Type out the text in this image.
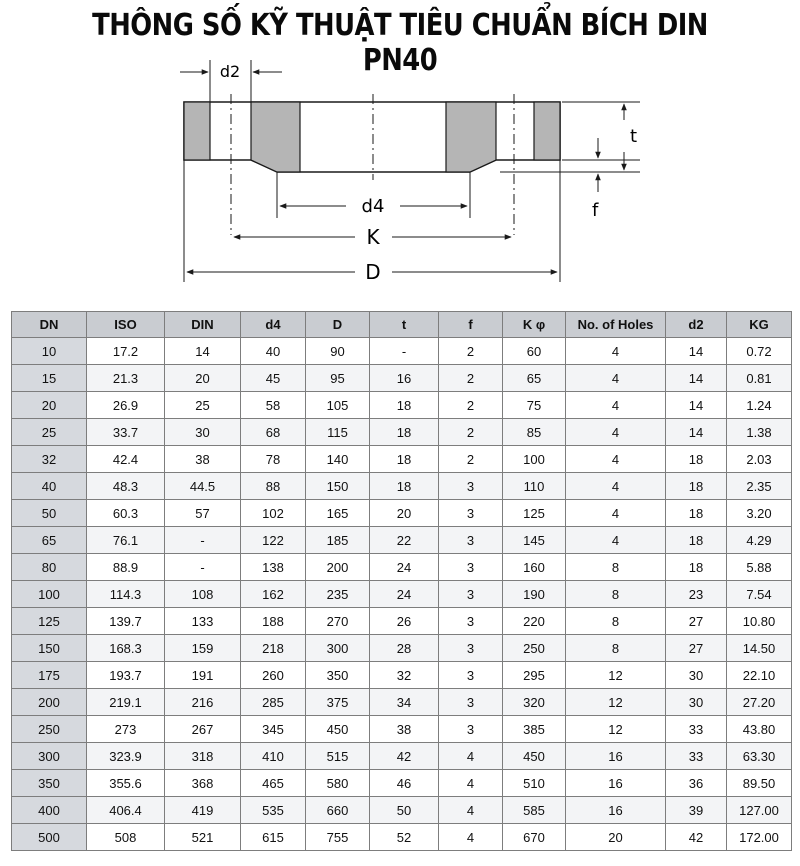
THÔNG SỐ KỸ THUẬT TIÊU CHUẨN BÍCH DIN PN40
d2
d4
K
D
t
f
DN	ISO	DIN	d4	D	t	f	K φ	No. of Holes	d2	KG
10	17.2	14	40	90	-	2	60	4	14	0.72
15	21.3	20	45	95	16	2	65	4	14	0.81
20	26.9	25	58	105	18	2	75	4	14	1.24
25	33.7	30	68	115	18	2	85	4	14	1.38
32	42.4	38	78	140	18	2	100	4	18	2.03
40	48.3	44.5	88	150	18	3	110	4	18	2.35
50	60.3	57	102	165	20	3	125	4	18	3.20
65	76.1	-	122	185	22	3	145	4	18	4.29
80	88.9	-	138	200	24	3	160	8	18	5.88
100	114.3	108	162	235	24	3	190	8	23	7.54
125	139.7	133	188	270	26	3	220	8	27	10.80
150	168.3	159	218	300	28	3	250	8	27	14.50
175	193.7	191	260	350	32	3	295	12	30	22.10
200	219.1	216	285	375	34	3	320	12	30	27.20
250	273	267	345	450	38	3	385	12	33	43.80
300	323.9	318	410	515	42	4	450	16	33	63.30
350	355.6	368	465	580	46	4	510	16	36	89.50
400	406.4	419	535	660	50	4	585	16	39	127.00
500	508	521	615	755	52	4	670	20	42	172.00
